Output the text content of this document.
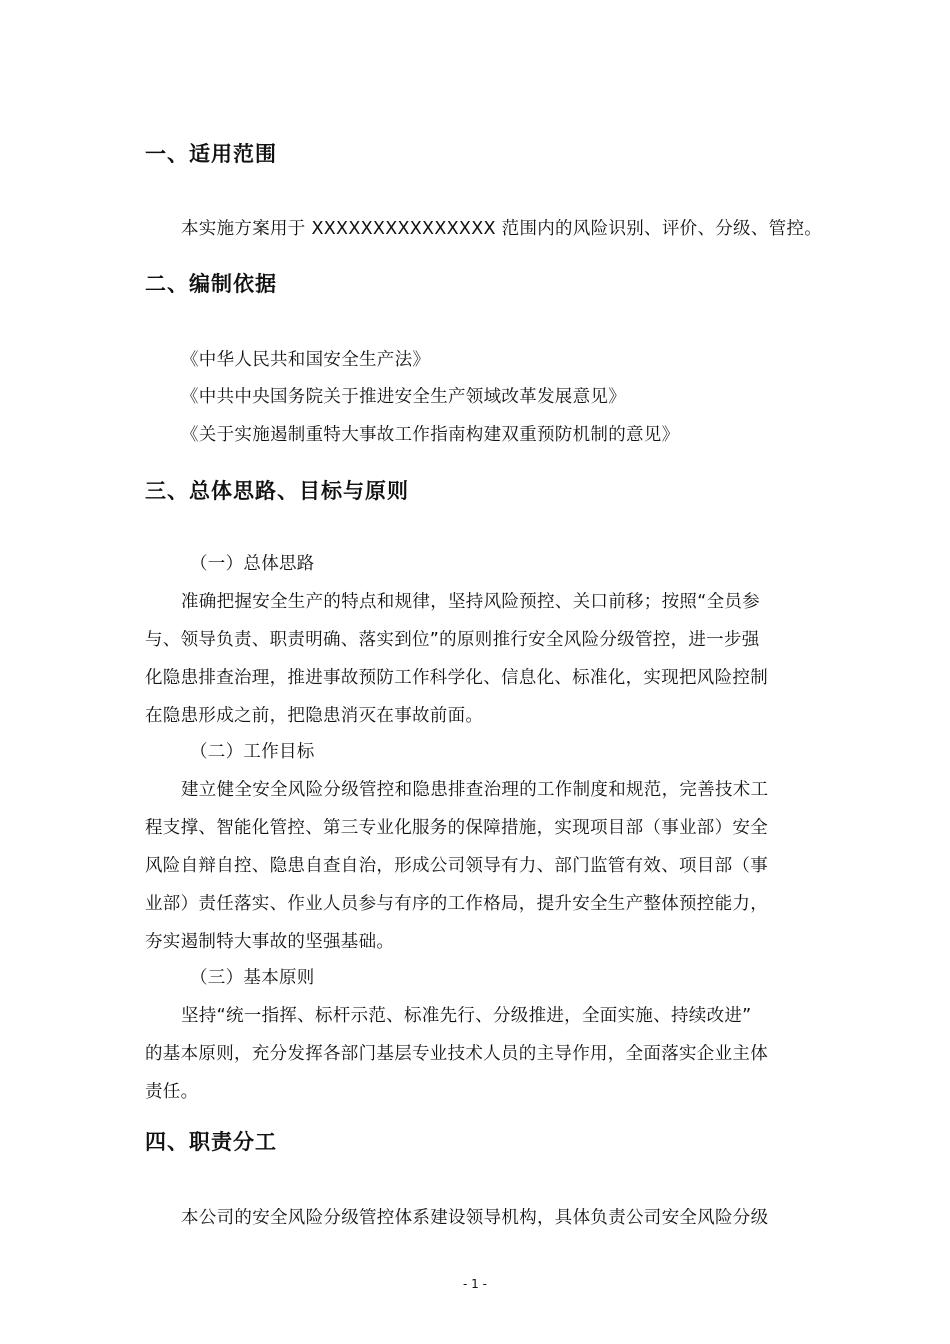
一、适用范围
本实施方案用于 XXXXXXXXXXXXXXX 范围内的风险识别、评价、分级、管控。
二、编制依据
《中华人民共和国安全生产法》
《中共中央国务院关于推进安全生产领域改革发展意见》
《关于实施遏制重特大事故工作指南构建双重预防机制的意见》
三、总体思路、目标与原则
（一）总体思路
准确把握安全生产的特点和规律，坚持风险预控、关口前移；按照“全员参
与、领导负责、职责明确、落实到位”的原则推行安全风险分级管控，进一步强
化隐患排查治理，推进事故预防工作科学化、信息化、标准化，实现把风险控制
在隐患形成之前，把隐患消灭在事故前面。
（二）工作目标
建立健全安全风险分级管控和隐患排查治理的工作制度和规范，完善技术工
程支撑、智能化管控、第三专业化服务的保障措施，实现项目部（事业部）安全
风险自辩自控、隐患自查自治，形成公司领导有力、部门监管有效、项目部（事
业部）责任落实、作业人员参与有序的工作格局，提升安全生产整体预控能力，
夯实遏制特大事故的坚强基础。
（三）基本原则
坚持“统一指挥、标杆示范、标准先行、分级推进，全面实施、持续改进”
的基本原则，充分发挥各部门基层专业技术人员的主导作用，全面落实企业主体
责任。
四、职责分工
本公司的安全风险分级管控体系建设领导机构，具体负责公司安全风险分级
- 1 -
